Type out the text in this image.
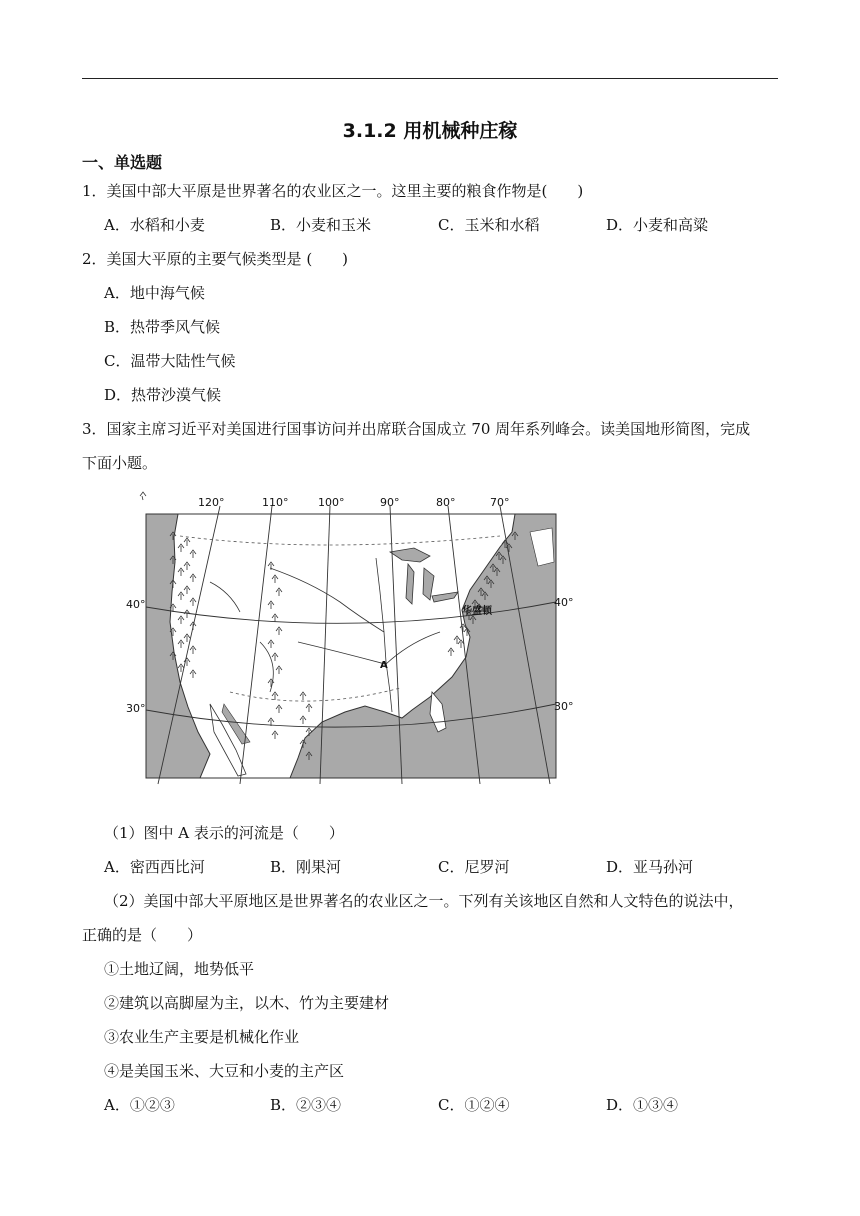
3.1.2 用机械种庄稼
一、单选题
1．美国中部大平原是世界著名的农业区之一。这里主要的粮食作物是(　　)
A．水稻和小麦	B．小麦和玉米	C．玉米和水稻	D．小麦和高粱
2．美国大平原的主要气候类型是 (　　)
A．地中海气候
B．热带季风气候
C．温带大陆性气候
D．热带沙漠气候
3．国家主席习近平对美国进行国事访问并出席联合国成立 70 周年系列峰会。读美国地形简图，完成
下面小题。
120°	110°	100°	90°	80°	70°
40°
30°
40°
30°
A
华盛顿
（1）图中 A 表示的河流是（　　）
A．密西西比河	B．刚果河	C．尼罗河	D．亚马孙河
（2）美国中部大平原地区是世界著名的农业区之一。下列有关该地区自然和人文特色的说法中，
正确的是（　　）
①土地辽阔，地势低平
②建筑以高脚屋为主，以木、竹为主要建材
③农业生产主要是机械化作业
④是美国玉米、大豆和小麦的主产区
A．①②③	B．②③④	C．①②④	D．①③④
